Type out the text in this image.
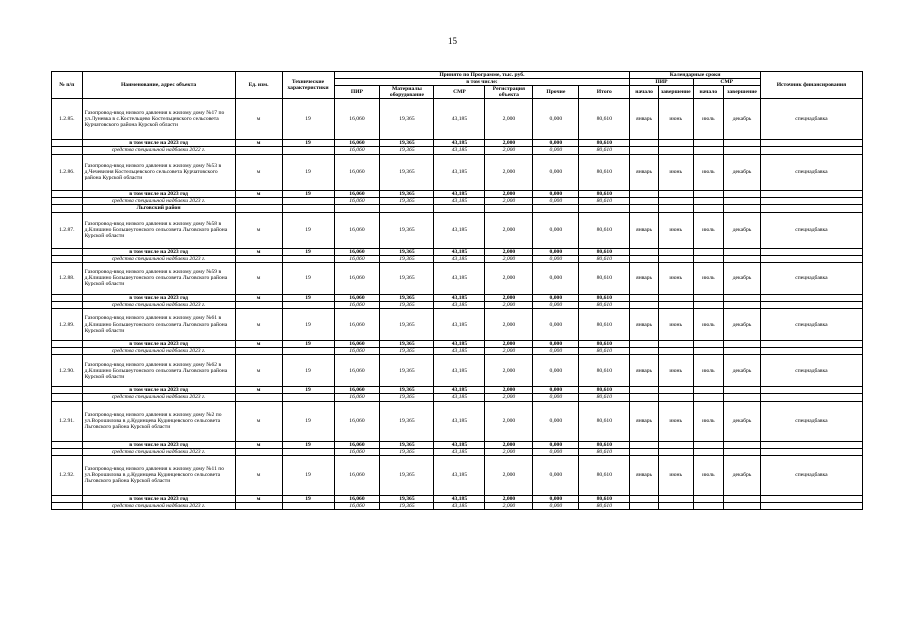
15
№ п/п	Наименование, адрес объекта	Ед. изм.	Технические характеристики	Принято по Программе, тыс. руб.						Календарные сроки				Источник финансирования
				в том числе:						ПИР		СМР		
				ПИР	Материалы оборудование	СМР	Регистрация объекта	Прочие	Итого	начало	завершение	начало	завершение	
1.2.85.	Газопровод-ввод низкого давления к жилому дому №17 по ул.Луневка в с.Костельцево Костельцевского сельсовета Курчатовского района Курской области	м	19	16,060	19,365	43,185	2,000	0,000	80,610	январь	июнь	июль	декабрь	спецнадбавка
	в том числе на 2023 год	м	19	16,060	19,365	43,185	2,000	0,000	80,610					
	средства специальной надбавки 2022 г.			16,060	19,365	43,185	2,000	0,000	80,610					
1.2.86.	Газопровод-ввод низкого давления к жилому дому №53 в д.Чечевизня Костельцевского сельсовета Курчатовского района Курской области	м	19	16,060	19,365	43,185	2,000	0,000	80,610	январь	июнь	июль	декабрь	спецнадбавка
	в том числе на 2023 год	м	19	16,060	19,365	43,185	2,000	0,000	80,610					
	средства специальной надбавки 2023 г.			16,060	19,365	43,185	2,000	0,000	80,610					
	Льговский район													
1.2.87.	Газопровод-ввод низкого давления к жилому дому №58 в д.Клишино Большеугонского сельсовета Льговского района Курской области	м	19	16,060	19,365	43,185	2,000	0,000	80,610	январь	июнь	июль	декабрь	спецнадбавка
	в том числе на 2023 год	м	19	16,060	19,365	43,185	2,000	0,000	80,610					
	средства специальной надбавки 2023 г.			16,060	19,365	43,185	2,000	0,000	80,610					
1.2.88.	Газопровод-ввод низкого давления к жилому дому №59 в д.Клишино Большеугонского сельсовета Льговского района Курской области	м	19	16,060	19,365	43,185	2,000	0,000	80,610	январь	июнь	июль	декабрь	спецнадбавка
	в том числе на 2023 год	м	19	16,060	19,365	43,185	2,000	0,000	80,610					
	средства специальной надбавки 2023 г.			16,060	19,365	43,185	2,000	0,000	80,610					
1.2.89.	Газопровод-ввод низкого давления к жилому дому №61 в д.Клишино Большеугонского сельсовета Льговского района Курской области	м	19	16,060	19,365	43,185	2,000	0,000	80,610	январь	июнь	июль	декабрь	спецнадбавка
	в том числе на 2023 год	м	19	16,060	19,365	43,185	2,000	0,000	80,610					
	средства специальной надбавки 2023 г.			16,060	19,365	43,185	2,000	0,000	80,610					
1.2.90.	Газопровод-ввод низкого давления к жилому дому №62 в д.Клишино Большеугонского сельсовета Льговского района Курской области	м	19	16,060	19,365	43,185	2,000	0,000	80,610	январь	июнь	июль	декабрь	спецнадбавка
	в том числе на 2023 год	м	19	16,060	19,365	43,185	2,000	0,000	80,610					
	средства специальной надбавки 2023 г.			16,060	19,365	43,185	2,000	0,000	80,610					
1.2.91.	Газопровод-ввод низкого давления к жилому дому №2 по ул.Ворошилова в д.Кудинцева Кудинцевского сельсовета Льговского района Курской области	м	19	16,060	19,365	43,185	2,000	0,000	80,610	январь	июнь	июль	декабрь	спецнадбавка
	в том числе на 2023 год	м	19	16,060	19,365	43,185	2,000	0,000	80,610					
	средства специальной надбавки 2023 г.			16,060	19,365	43,185	2,000	0,000	80,610					
1.2.92.	Газопровод-ввод низкого давления к жилому дому №11 по ул.Ворошилова в д.Кудинцева Кудинцевского сельсовета Льговского района Курской области	м	19	16,060	19,365	43,185	2,000	0,000	80,610	январь	июнь	июль	декабрь	спецнадбавка
	в том числе на 2023 год	м	19	16,060	19,365	43,185	2,000	0,000	80,610					
	средства специальной надбавки 2023 г.			16,060	19,365	43,185	2,000	0,000	80,610					
